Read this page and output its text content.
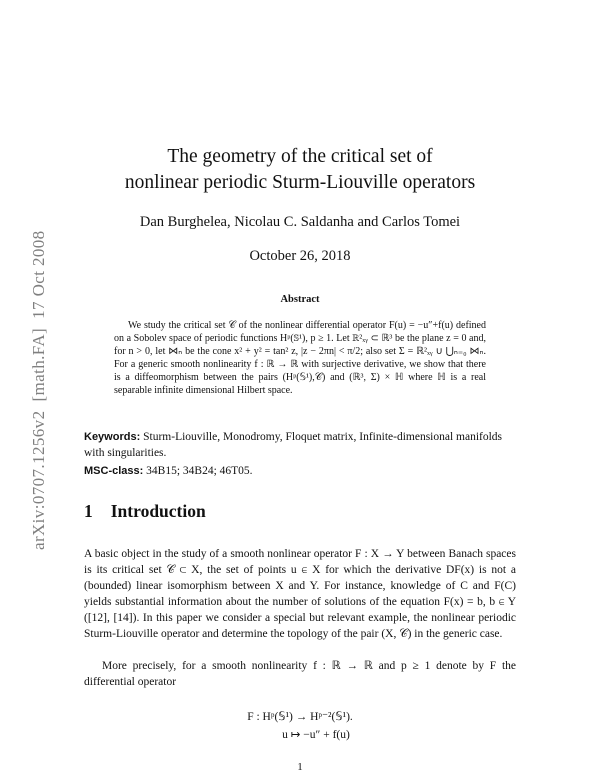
arXiv:0707.1256v2[math.FA]17 Oct 2008
The geometry of the critical set of
nonlinear periodic Sturm-Liouville operators
Dan Burghelea, Nicolau C. Saldanha and Carlos Tomei
October 26, 2018
Abstract

We study the critical set 𝒞 of the nonlinear differential operator F(u) = −u″+f(u) defined on a Sobolev space of periodic functions Hᵖ(𝕊¹), p ≥ 1. Let ℝ²ₓᵧ ⊂ ℝ³ be the plane z = 0 and, for n > 0, let ⋈ₙ be the cone x² + y² = tan² z, |z − 2πn| < π/2; also set Σ = ℝ²ₓᵧ ∪ ⋃ₙ₌₀ ⋈ₙ. For a generic smooth nonlinearity f : ℝ → ℝ with surjective derivative, we show that there is a diffeomorphism between the pairs (Hᵖ(𝕊¹),𝒞) and (ℝ³, Σ) × ℍ where ℍ is a real separable infinite dimensional Hilbert space.

Keywords: Sturm-Liouville, Monodromy, Floquet matrix, Infinite-dimensional manifolds with singularities.

MSC-class: 34B15; 34B24; 46T05.

1 Introduction

A basic object in the study of a smooth nonlinear operator F : X → Y between Banach spaces is its critical set 𝒞 ⊂ X, the set of points u ∈ X for which the derivative DF(x) is not a (bounded) linear isomorphism between X and Y. For instance, knowledge of C and F(C) yields substantial information about the number of solutions of the equation F(x) = b, b ∈ Y ([12], [14]). In this paper we consider a special but relevant example, the nonlinear periodic Sturm-Liouville operator and determine the topology of the pair (X, 𝒞) in the generic case.

More precisely, for a smooth nonlinearity f : ℝ → ℝ and p ≥ 1 denote by F the differential operator

F : Hᵖ(𝕊¹) → Hᵖ⁻²(𝕊¹).
u ↦ −u″ + f(u)
1
